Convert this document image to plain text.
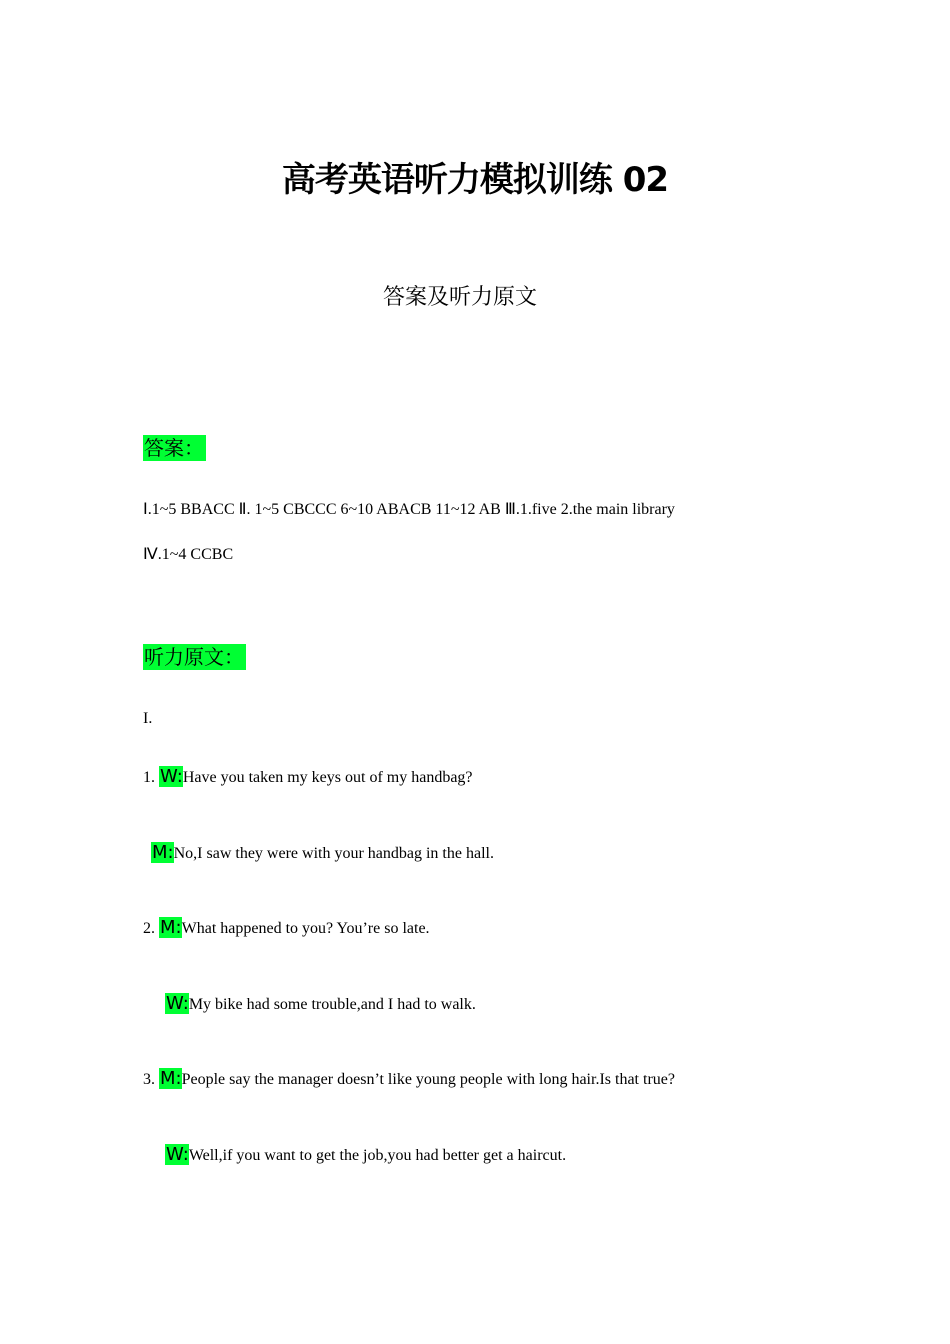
高考英语听力模拟训练 02
答案及听力原文
答案：
Ⅰ.1~5 BBACC Ⅱ. 1~5 CBCCC 6~10 ABACB 11~12 AB Ⅲ.1.five 2.the main library
Ⅳ.1~4 CCBC
听力原文：
I.
1. W:Have you taken my keys out of my handbag?
M:No,I saw they were with your handbag in the hall.
2. M:What happened to you? You’re so late.
W:My bike had some trouble,and I had to walk.
3. M:People say the manager doesn’t like young people with long hair.Is that true?
W:Well,if you want to get the job,you had better get a haircut.
